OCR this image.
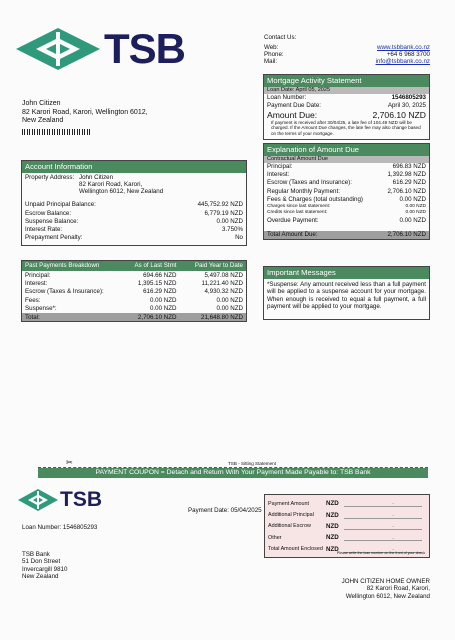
TSB	Contact Us:
Web:	www.tsbbank.co.nz
Phone:	+64 6 968 3700
Mail:	info@tsbbank.co.nz
John Citizen
82 Karori Road, Karori, Wellington 6012,
New Zealand
Mortgage Activity Statement
Loan Date: April 05, 2025
Loan Number:	1546805293
Payment Due Date:	April 30, 2025
Amount Due:	2,706.10 NZD
If payment is received after 30/04/25, a late fee of 104.49 NZD will be charged. If the Amount Due changes, the late fee may also change based on the terms of your mortgage.
Explanation of Amount Due
Contractual Amount Due
Principal:	696.83 NZD
Interest:	1,392.98 NZD
Escrow (Taxes and Insurance):	616.29 NZD
Regular Monthly Payment:	2,706.10 NZD
Fees & Charges (total outstanding)	0.00 NZD
Charges since last statement:	0.00 NZD
Credits since last statement:	0.00 NZD
Overdue Payment:	0.00 NZD
Total Amount Due:	2,706.10 NZD
Account Information
Property Address: John Citizen
82 Karori Road, Karori,
Wellington 6012, New Zealand
Unpaid Principal Balance:	445,752.92 NZD
Escrow Balance:	6,779.19 NZD
Suspense Balance:	0.00 NZD
Interest Rate:	3.750%
Prepayment Penalty:	No
Past Payments Breakdown	As of Last Stmt	Paid Year to Date
Principal:	694.66 NZD	5,497.08 NZD
Interest:	1,395.15 NZD	11,221.40 NZD
Escrow (Taxes & Insurance):	616.29 NZD	4,930.32 NZD
Fees:	0.00 NZD	0.00 NZD
Suspense*:	0.00 NZD	0.00 NZD
Total:	2,706.10 NZD	21,648.80 NZD
Important Messages
*Suspense: Any amount received less than a full payment will be applied to a suspense account for your mortgage. When enough is received to equal a full payment, a full payment will be applied to your mortgage.
✂	TSB - Sitting Statement
PAYMENT COUPON = Detach and Return With Your Payment Made Payable to: TSB Bank
TSB	Payment Date: 05/04/2025
Loan Number: 1546805293
TSB Bank
51 Don Street
Invercargill 9810
New Zealand
Payment Amount	NZD	.
Additional Principal	NZD	.
Additional Escrow	NZD	.
Other	NZD	.
Total Amount Enclosed NZD	.
Please write the loan number on the front of your check
JOHN CITIZEN HOME OWNER
82 Karori Road, Karori,
Wellington 6012, New Zealand
